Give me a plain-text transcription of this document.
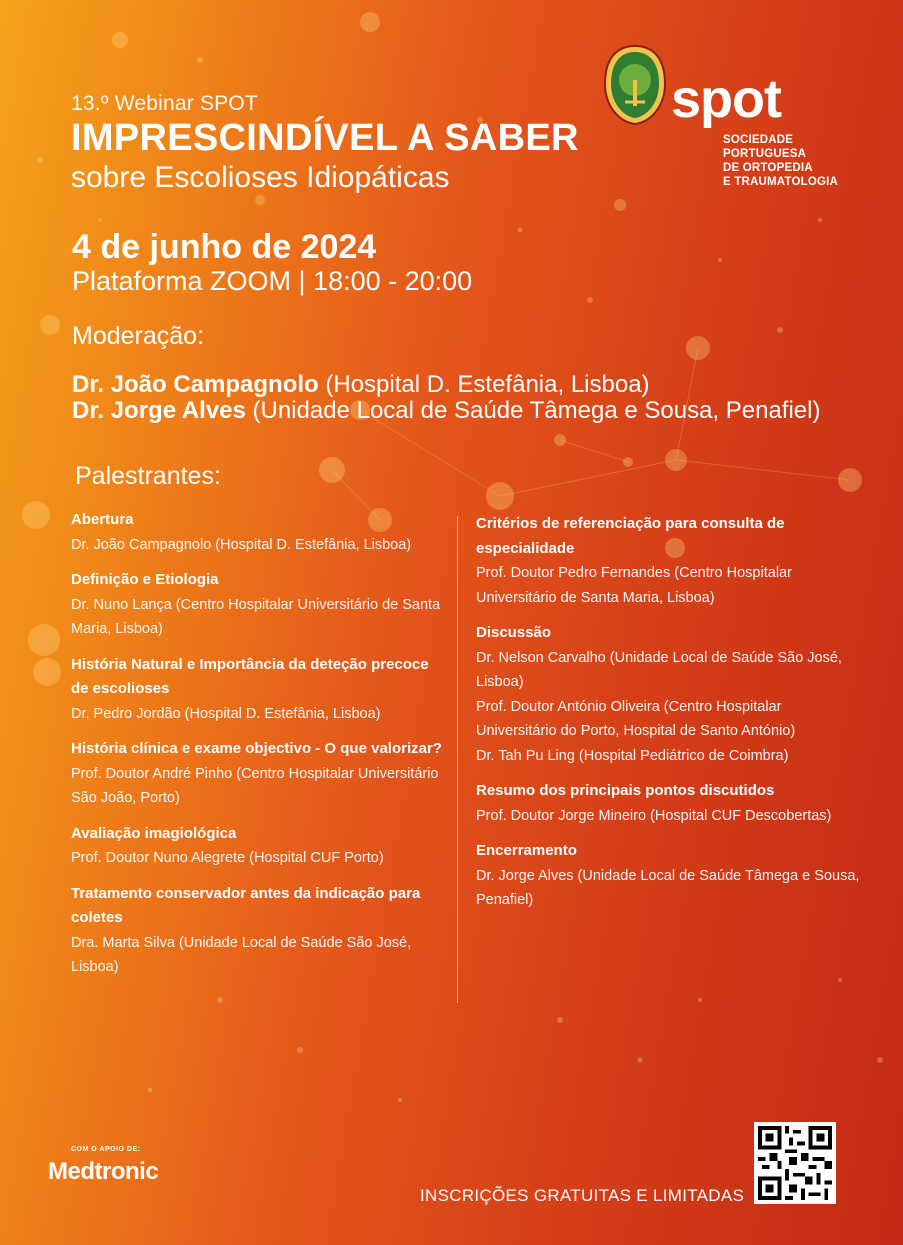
13.º Webinar SPOT
IMPRESCINDÍVEL A SABER
sobre Escolioses Idiopáticas
4 de junho de 2024
Plataforma ZOOM | 18:00 - 20:00
Moderação:
Dr. João Campagnolo (Hospital D. Estefânia, Lisboa)
Dr. Jorge Alves (Unidade Local de Saúde Tâmega e Sousa, Penafiel)
Palestrantes:
Abertura
Dr. João Campagnolo (Hospital D. Estefânia, Lisboa)
Definição e Etiologia
Dr. Nuno Lança (Centro Hospitalar Universitário de Santa Maria, Lisboa)
História Natural e Importância da deteção precoce de escolioses
Dr. Pedro Jordão (Hospital D. Estefânia, Lisboa)
História clínica e exame objectivo - O que valorizar?
Prof. Doutor André Pinho (Centro Hospitalar Universitário São João, Porto)
Avaliação imagiológica
Prof. Doutor Nuno Alegrete (Hospital CUF Porto)
Tratamento conservador antes da indicação para coletes
Dra. Marta Silva (Unidade Local de Saúde São José, Lisboa)
Critérios de referenciação para consulta de especialidade
Prof. Doutor Pedro Fernandes (Centro Hospitalar Universitário de Santa Maria, Lisboa)
Discussão
Dr. Nelson Carvalho (Unidade Local de Saúde São José, Lisboa)
Prof. Doutor António Oliveira (Centro Hospitalar Universitário do Porto, Hospital de Santo António)
Dr. Tah Pu Ling (Hospital Pediátrico de Coimbra)
Resumo dos principais pontos discutidos
Prof. Doutor Jorge Mineiro (Hospital CUF Descobertas)
Encerramento
Dr. Jorge Alves (Unidade Local de Saúde Tâmega e Sousa, Penafiel)
spot
SOCIEDADE PORTUGUESA
DE ORTOPEDIA
E TRAUMATOLOGIA
COM O APOIO DE:
Medtronic
INSCRIÇÕES GRATUITAS E LIMITADAS
